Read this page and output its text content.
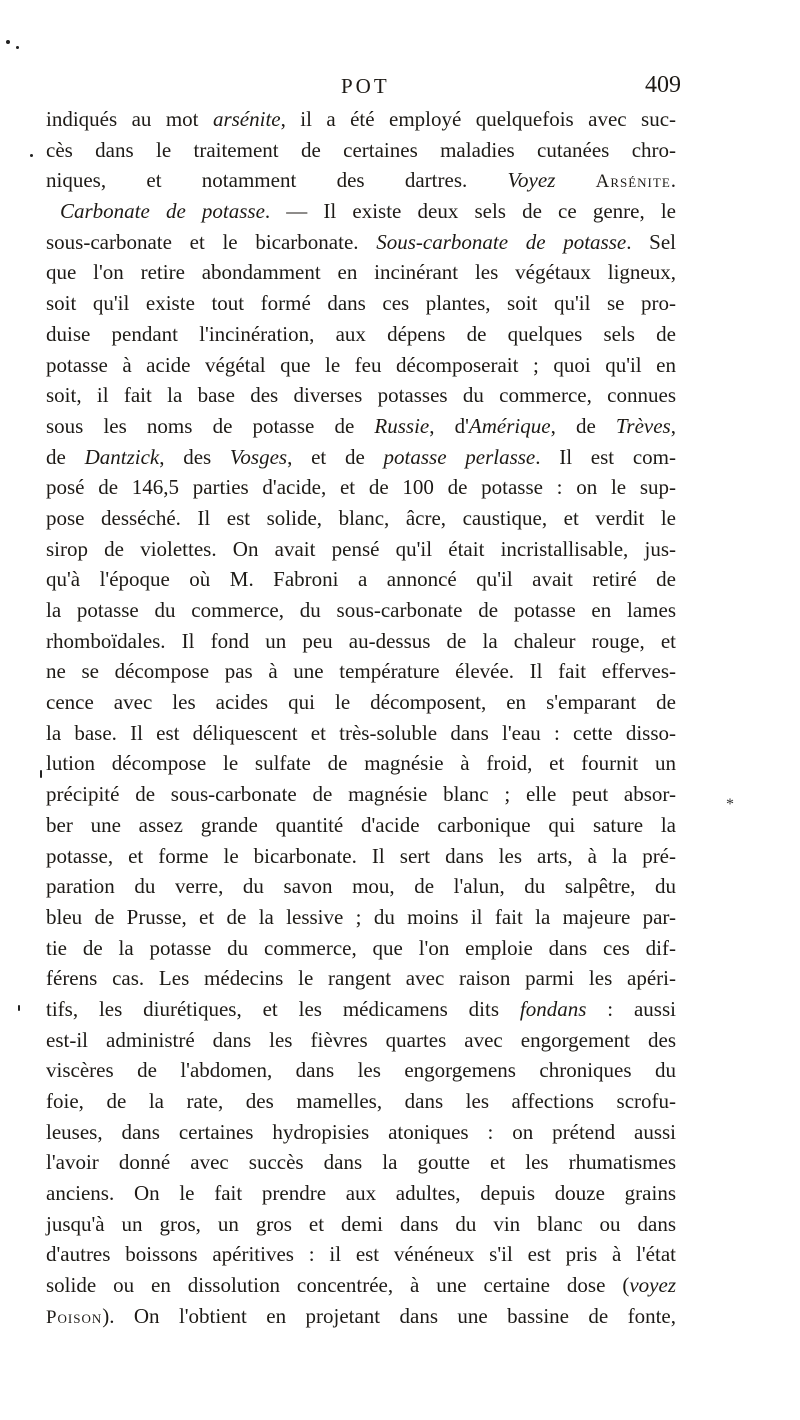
POT	409
indiqués au mot arsénite, il a été employé quelquefois avec suc-
cès dans le traitement de certaines maladies cutanées chro-
niques, et notamment des dartres. Voyez Arsénite.
Carbonate de potasse. — Il existe deux sels de ce genre, le
sous-carbonate et le bicarbonate. Sous-carbonate de potasse. Sel
que l'on retire abondamment en incinérant les végétaux ligneux,
soit qu'il existe tout formé dans ces plantes, soit qu'il se pro-
duise pendant l'incinération, aux dépens de quelques sels de
potasse à acide végétal que le feu décomposerait ; quoi qu'il en
soit, il fait la base des diverses potasses du commerce, connues
sous les noms de potasse de Russie, d'Amérique, de Trèves,
de Dantzick, des Vosges, et de potasse perlasse. Il est com-
posé de 146,5 parties d'acide, et de 100 de potasse : on le sup-
pose desséché. Il est solide, blanc, âcre, caustique, et verdit le
sirop de violettes. On avait pensé qu'il était incristallisable, jus-
qu'à l'époque où M. Fabroni a annoncé qu'il avait retiré de
la potasse du commerce, du sous-carbonate de potasse en lames
rhomboïdales. Il fond un peu au-dessus de la chaleur rouge, et
ne se décompose pas à une température élevée. Il fait efferves-
cence avec les acides qui le décomposent, en s'emparant de
la base. Il est déliquescent et très-soluble dans l'eau : cette disso-
lution décompose le sulfate de magnésie à froid, et fournit un
précipité de sous-carbonate de magnésie blanc ; elle peut absor-
ber une assez grande quantité d'acide carbonique qui sature la
potasse, et forme le bicarbonate. Il sert dans les arts, à la pré-
paration du verre, du savon mou, de l'alun, du salpêtre, du
bleu de Prusse, et de la lessive ; du moins il fait la majeure par-
tie de la potasse du commerce, que l'on emploie dans ces dif-
férens cas. Les médecins le rangent avec raison parmi les apéri-
tifs, les diurétiques, et les médicamens dits fondans : aussi
est-il administré dans les fièvres quartes avec engorgement des
viscères de l'abdomen, dans les engorgemens chroniques du
foie, de la rate, des mamelles, dans les affections scrofu-
leuses, dans certaines hydropisies atoniques : on prétend aussi
l'avoir donné avec succès dans la goutte et les rhumatismes
anciens. On le fait prendre aux adultes, depuis douze grains
jusqu'à un gros, un gros et demi dans du vin blanc ou dans
d'autres boissons apéritives : il est vénéneux s'il est pris à l'état
solide ou en dissolution concentrée, à une certaine dose (voyez
Poison). On l'obtient en projetant dans une bassine de fonte,
*
